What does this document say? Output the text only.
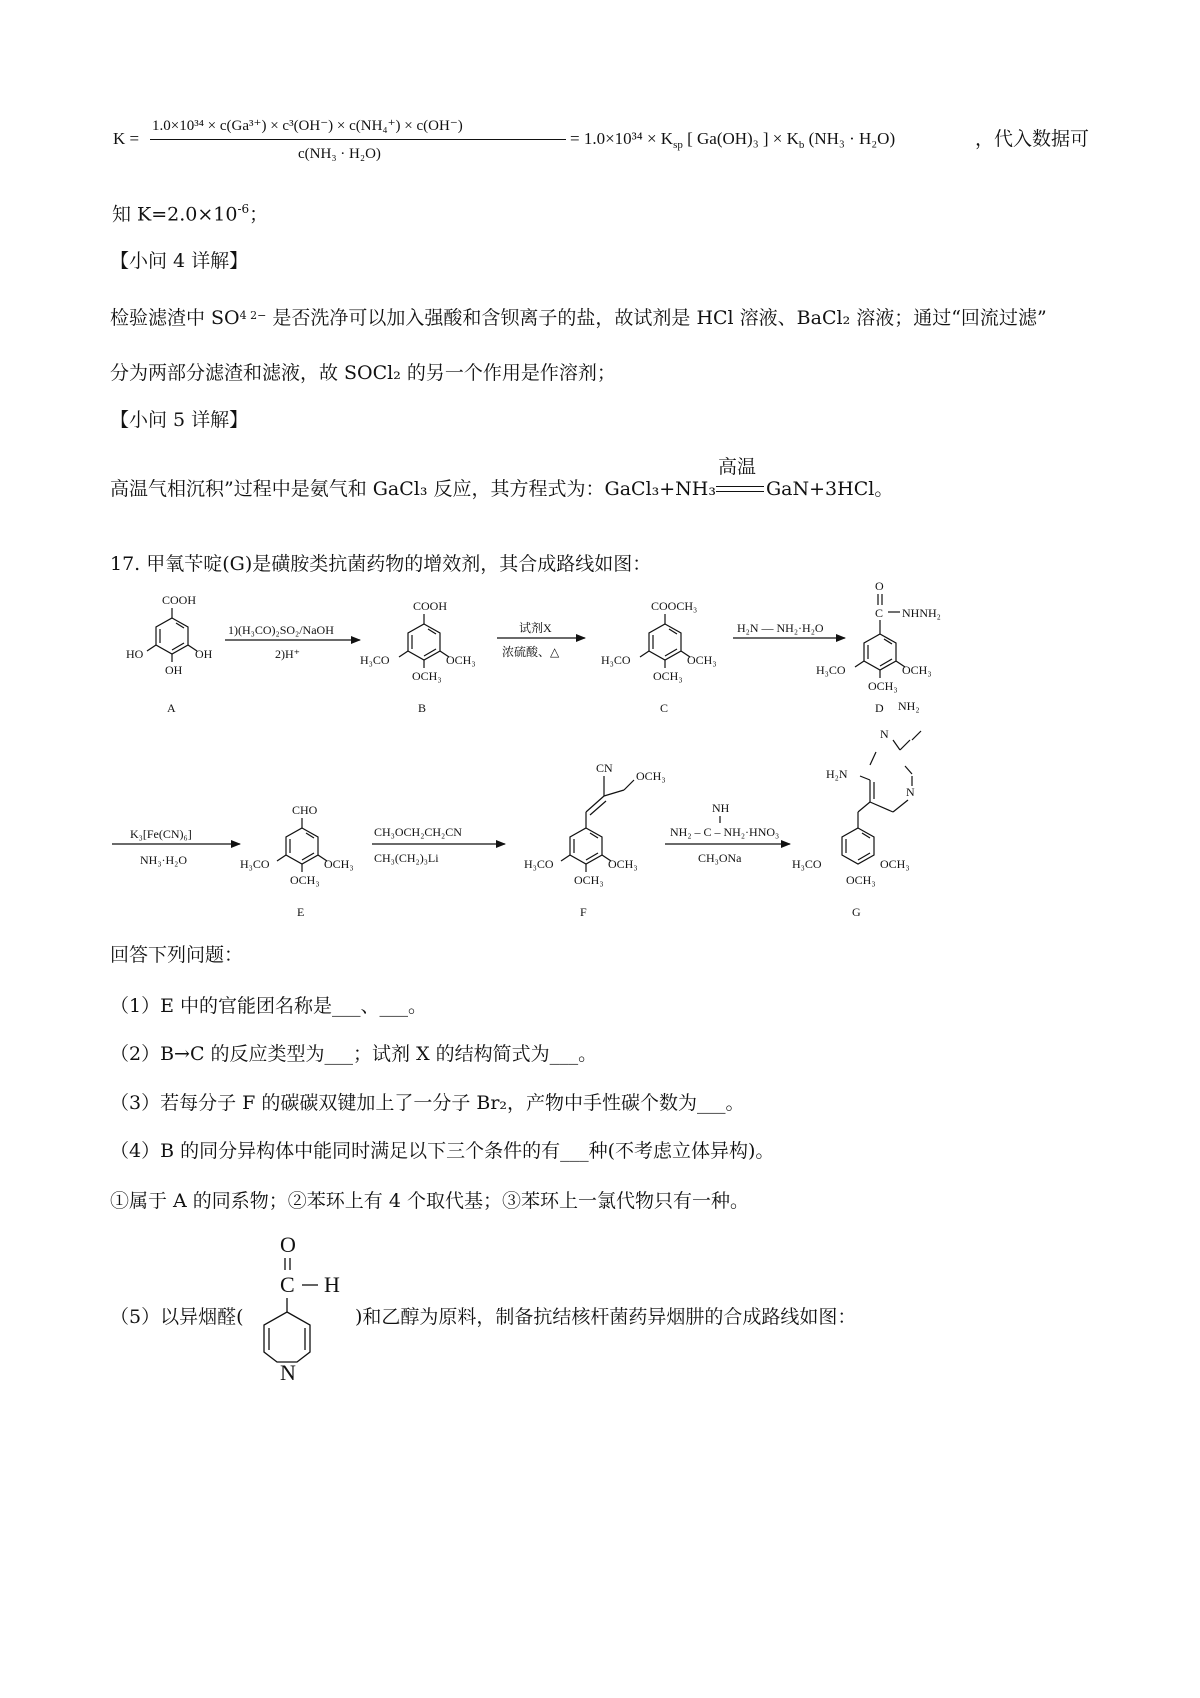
K =
1.0×10³⁴ × c(Ga³⁺) × c³(OH⁻) × c(NH₄⁺) × c(OH⁻)
c(NH₃ · H₂O)
= $1.0\times 10^{34} \times K_{sp}$ [ Ga(OH)₃ ] × $K_b$ (NH₃ · H₂O)	，代入数据可
知 $K=2.0\times 10^{-6}$；
【小问 4 详解】
检验滤渣中 $SO^{4 2-}$ 是否洗净可以加入强酸和含钡离子的盐，故试剂是 HCl 溶液、BaCl₂ 溶液；通过“回流过滤”
分为两部分滤渣和滤液，故 SOCl₂ 的另一个作用是作溶剂；
【小问 5 详解】
高温气相沉积”过程中是氨气和 GaCl₃ 反应，其方程式为：GaCl₃+NH₃
高温
GaN+3HCl。
17. 甲氧苄啶(G)是磺胺类抗菌药物的增效剂，其合成路线如图：
COOH
HO	OH
OH
A
1)(H₃CO)₂SO₂/NaOH
2)H⁺
COOH
H₃CO	OCH₃
OCH₃
B
试剂X
浓硫酸、△
COOCH₃
H₃CO	OCH₃
OCH₃
C
H₂N — NH₂·H₂O
O
C NHNH₂
H₃CO	OCH₃
OCH₃
D
K₃[Fe(CN)₆]
NH₃·H₂O
CHO
H₃CO	OCH₃
OCH₃
E
CH₃OCH₂CH₂CN
CH₃(CH₂)₃Li
CN
OCH₃
H₃CO	OCH₃
OCH₃
F
NH
NH₂ – C – NH₂·HNO₃
CH₃ONa
N
N
NH₂
H₂N
H₃CO	OCH₃
OCH₃
G
回答下列问题：
（1）E 中的官能团名称是___、___。
（2）B→C 的反应类型为___；试剂 X 的结构简式为___。
（3）若每分子 F 的碳碳双键加上了一分子 Br₂，产物中手性碳个数为___。
（4）B 的同分异构体中能同时满足以下三个条件的有___种(不考虑立体异构)。
①属于 A 的同系物；②苯环上有 4 个取代基；③苯环上一氯代物只有一种。
（5）以异烟醛(
O
C H
N
)和乙醇为原料，制备抗结核杆菌药异烟肼的合成路线如图：
